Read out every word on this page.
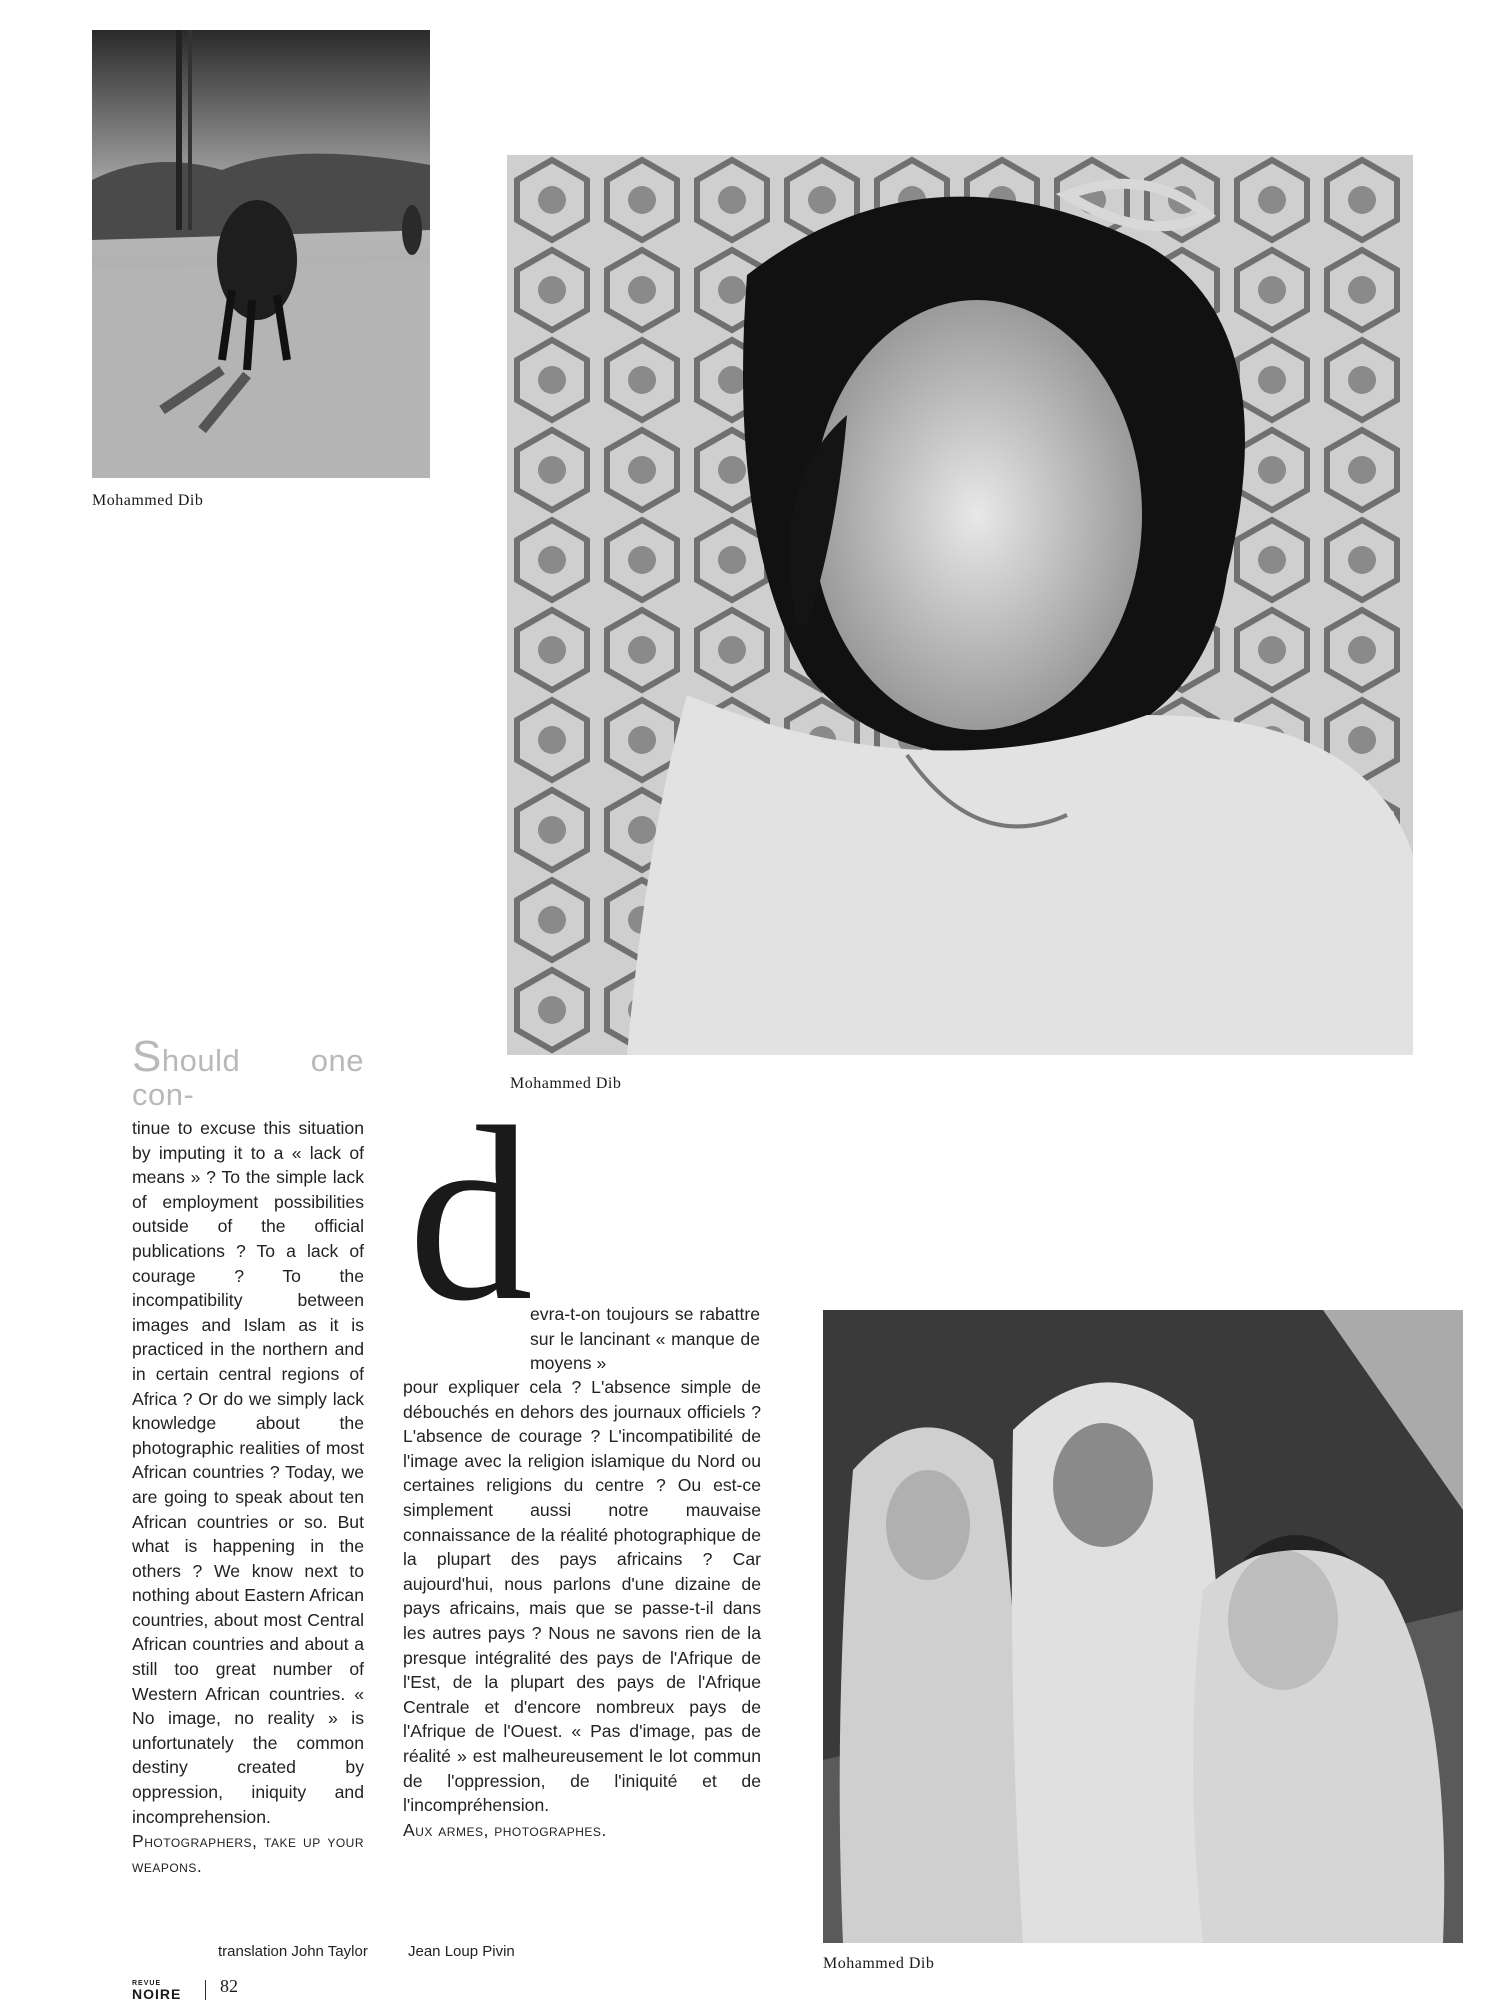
Mohammed Dib
Mohammed Dib
Should one con-
tinue to excuse this situation by imputing it to a « lack of means » ? To the simple lack of employment possibilities outside of the official publications ? To a lack of courage ? To the incompatibility between images and Islam as it is practiced in the northern and in certain central regions of Africa ? Or do we simply lack knowledge about the photographic realities of most African countries ? Today, we are going to speak about ten African countries or so. But what is happening in the others ? We know next to nothing about Eastern African countries, about most Central African countries and about a still too great number of Western African countries. « No image, no reality » is unfortunately the common destiny created by oppression, iniquity and incomprehension.
Photographers, take up your weapons.
d
evra-t-on toujours se rabattre sur le lancinant « manque de moyens »
pour expliquer cela ? L'absence simple de débouchés en dehors des journaux officiels ? L'absence de courage ? L'incompatibilité de l'image avec la religion islamique du Nord ou certaines religions du centre ? Ou est-ce simplement aussi notre mauvaise connaissance de la réalité photographique de la plupart des pays africains ? Car aujourd'hui, nous parlons d'une dizaine de pays africains, mais que se passe-t-il dans les autres pays ? Nous ne savons rien de la presque intégralité des pays de l'Afrique de l'Est, de la plupart des pays de l'Afrique Centrale et d'encore nombreux pays de l'Afrique de l'Ouest. « Pas d'image, pas de réalité » est malheureusement le lot commun de l'oppression, de l'iniquité et de l'incompréhension.
Aux armes, photographes.
Mohammed Dib
translation John Taylor	Jean Loup Pivin
REVUE
NOIRE	82
